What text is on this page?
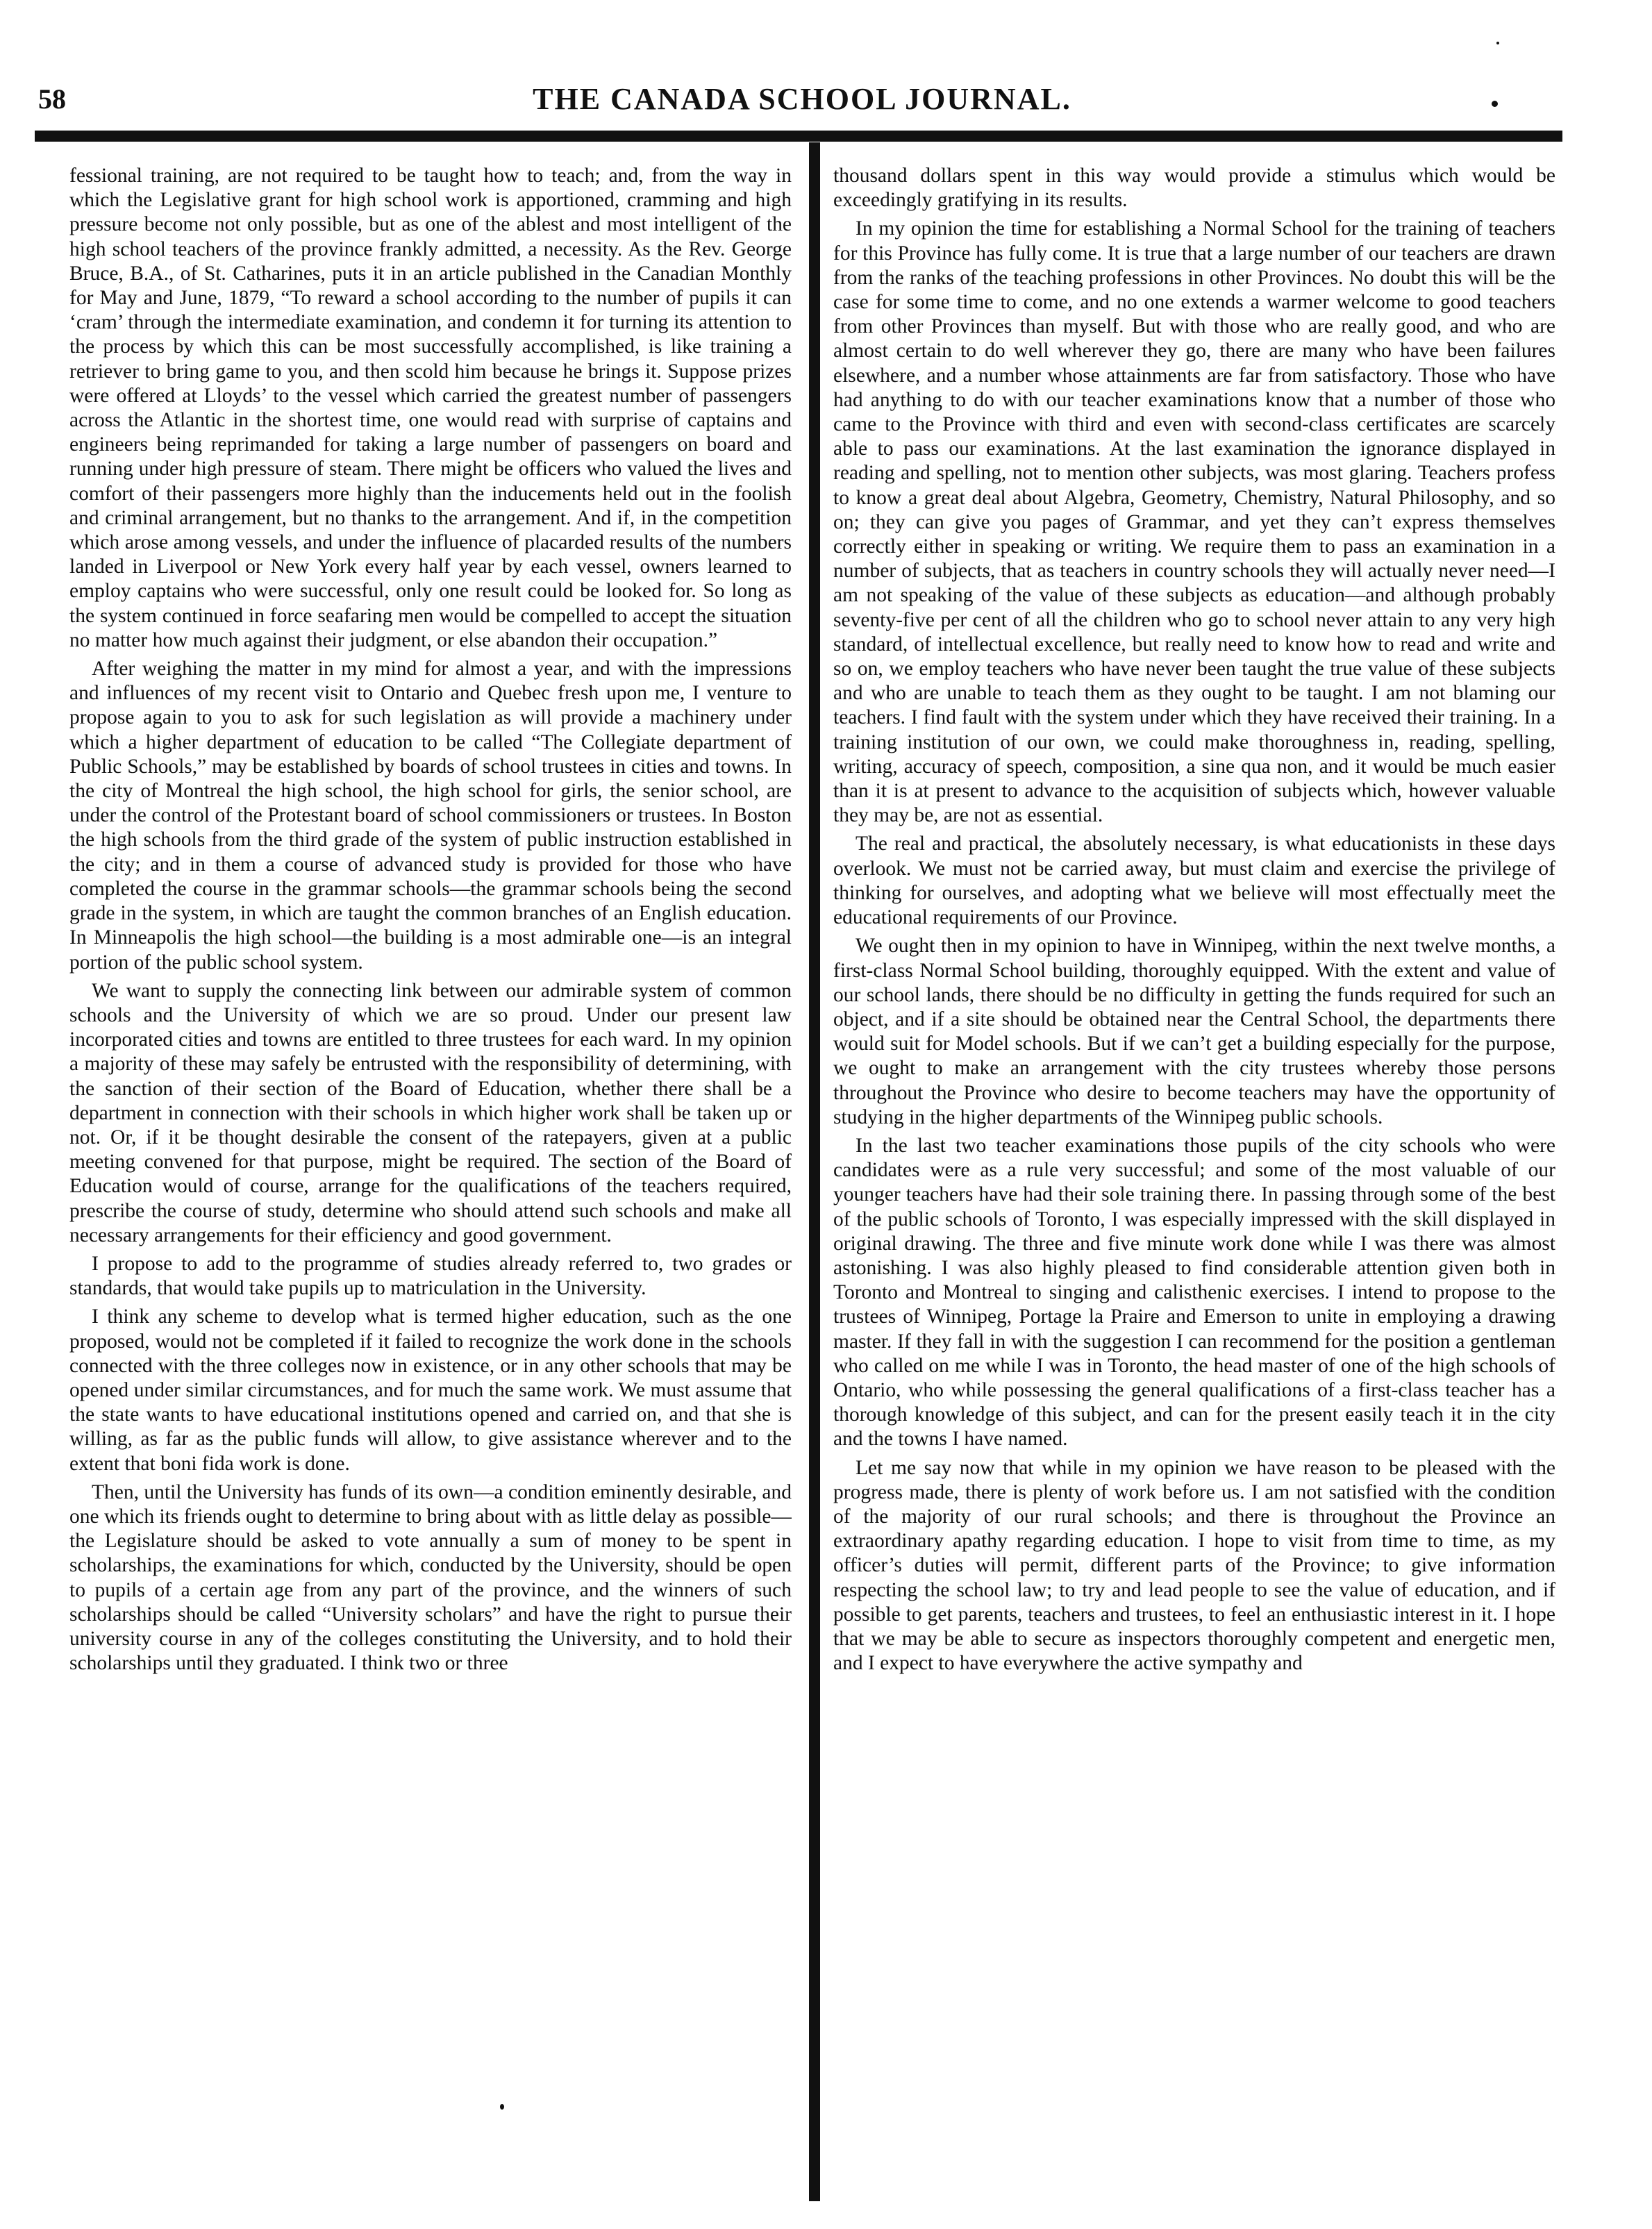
58	THE CANADA SCHOOL JOURNAL.

fessional training, are not required to be taught how to teach; and, from the way in which the Legislative grant for high school work is apportioned, cramming and high pressure become not only possible, but as one of the ablest and most intelligent of the high school teachers of the province frankly admitted, a necessity. As the Rev. George Bruce, B.A., of St. Catharines, puts it in an article published in the Canadian Monthly for May and June, 1879, “To reward a school according to the number of pupils it can ‘cram’ through the intermediate examination, and condemn it for turning its attention to the process by which this can be most successfully accomplished, is like training a retriever to bring game to you, and then scold him because he brings it. Suppose prizes were offered at Lloyds’ to the vessel which carried the greatest number of passengers across the Atlantic in the shortest time, one would read with surprise of captains and engineers being reprimanded for taking a large number of passengers on board and running under high pressure of steam. There might be officers who valued the lives and comfort of their passengers more highly than the inducements held out in the foolish and criminal arrangement, but no thanks to the arrangement. And if, in the competition which arose among vessels, and under the influence of placarded results of the numbers landed in Liverpool or New York every half year by each vessel, owners learned to employ captains who were successful, only one result could be looked for. So long as the system continued in force seafaring men would be compelled to accept the situation no matter how much against their judgment, or else abandon their occupation.”

After weighing the matter in my mind for almost a year, and with the impressions and influences of my recent visit to Ontario and Quebec fresh upon me, I venture to propose again to you to ask for such legislation as will provide a machinery under which a higher department of education to be called “The Collegiate department of Public Schools,” may be established by boards of school trustees in cities and towns. In the city of Montreal the high school, the high school for girls, the senior school, are under the control of the Protestant board of school commissioners or trustees. In Boston the high schools from the third grade of the system of public instruction established in the city; and in them a course of advanced study is provided for those who have completed the course in the grammar schools—the grammar schools being the second grade in the system, in which are taught the common branches of an English education. In Minneapolis the high school—the building is a most admirable one—is an integral portion of the public school system.

We want to supply the connecting link between our admirable system of common schools and the University of which we are so proud. Under our present law incorporated cities and towns are entitled to three trustees for each ward. In my opinion a majority of these may safely be entrusted with the responsibility of determining, with the sanction of their section of the Board of Education, whether there shall be a department in connection with their schools in which higher work shall be taken up or not. Or, if it be thought desirable the consent of the ratepayers, given at a public meeting convened for that purpose, might be required. The section of the Board of Education would of course, arrange for the qualifications of the teachers required, prescribe the course of study, determine who should attend such schools and make all necessary arrangements for their efficiency and good government.

I propose to add to the programme of studies already referred to, two grades or standards, that would take pupils up to matriculation in the University.

I think any scheme to develop what is termed higher education, such as the one proposed, would not be completed if it failed to recognize the work done in the schools connected with the three colleges now in existence, or in any other schools that may be opened under similar circumstances, and for much the same work. We must assume that the state wants to have educational institutions opened and carried on, and that she is willing, as far as the public funds will allow, to give assistance wherever and to the extent that boni fida work is done.

Then, until the University has funds of its own—a condition eminently desirable, and one which its friends ought to determine to bring about with as little delay as possible—the Legislature should be asked to vote annually a sum of money to be spent in scholarships, the examinations for which, conducted by the University, should be open to pupils of a certain age from any part of the province, and the winners of such scholarships should be called “University scholars” and have the right to pursue their university course in any of the colleges constituting the University, and to hold their scholarships until they graduated. I think two or three

thousand dollars spent in this way would provide a stimulus which would be exceedingly gratifying in its results.

In my opinion the time for establishing a Normal School for the training of teachers for this Province has fully come. It is true that a large number of our teachers are drawn from the ranks of the teaching professions in other Provinces. No doubt this will be the case for some time to come, and no one extends a warmer welcome to good teachers from other Provinces than myself. But with those who are really good, and who are almost certain to do well wherever they go, there are many who have been failures elsewhere, and a number whose attainments are far from satisfactory. Those who have had anything to do with our teacher examinations know that a number of those who came to the Province with third and even with second-class certificates are scarcely able to pass our examinations. At the last examination the ignorance displayed in reading and spelling, not to mention other subjects, was most glaring. Teachers profess to know a great deal about Algebra, Geometry, Chemistry, Natural Philosophy, and so on; they can give you pages of Grammar, and yet they can’t express themselves correctly either in speaking or writing. We require them to pass an examination in a number of subjects, that as teachers in country schools they will actually never need—I am not speaking of the value of these subjects as education—and although probably seventy-five per cent of all the children who go to school never attain to any very high standard, of intellectual excellence, but really need to know how to read and write and so on, we employ teachers who have never been taught the true value of these subjects and who are unable to teach them as they ought to be taught. I am not blaming our teachers. I find fault with the system under which they have received their training. In a training institution of our own, we could make thoroughness in, reading, spelling, writing, accuracy of speech, composition, a sine qua non, and it would be much easier than it is at present to advance to the acquisition of subjects which, however valuable they may be, are not as essential.

The real and practical, the absolutely necessary, is what educationists in these days overlook. We must not be carried away, but must claim and exercise the privilege of thinking for ourselves, and adopting what we believe will most effectually meet the educational requirements of our Province.

We ought then in my opinion to have in Winnipeg, within the next twelve months, a first-class Normal School building, thoroughly equipped. With the extent and value of our school lands, there should be no difficulty in getting the funds required for such an object, and if a site should be obtained near the Central School, the departments there would suit for Model schools. But if we can’t get a building especially for the purpose, we ought to make an arrangement with the city trustees whereby those persons throughout the Province who desire to become teachers may have the opportunity of studying in the higher departments of the Winnipeg public schools.

In the last two teacher examinations those pupils of the city schools who were candidates were as a rule very successful; and some of the most valuable of our younger teachers have had their sole training there. In passing through some of the best of the public schools of Toronto, I was especially impressed with the skill displayed in original drawing. The three and five minute work done while I was there was almost astonishing. I was also highly pleased to find considerable attention given both in Toronto and Montreal to singing and calisthenic exercises. I intend to propose to the trustees of Winnipeg, Portage la Praire and Emerson to unite in employing a drawing master. If they fall in with the suggestion I can recommend for the position a gentleman who called on me while I was in Toronto, the head master of one of the high schools of Ontario, who while possessing the general qualifications of a first-class teacher has a thorough knowledge of this subject, and can for the present easily teach it in the city and the towns I have named.

Let me say now that while in my opinion we have reason to be pleased with the progress made, there is plenty of work before us. I am not satisfied with the condition of the majority of our rural schools; and there is throughout the Province an extraordinary apathy regarding education. I hope to visit from time to time, as my officer’s duties will permit, different parts of the Province; to give information respecting the school law; to try and lead people to see the value of education, and if possible to get parents, teachers and trustees, to feel an enthusiastic interest in it. I hope that we may be able to secure as inspectors thoroughly competent and energetic men, and I expect to have everywhere the active sympathy and
